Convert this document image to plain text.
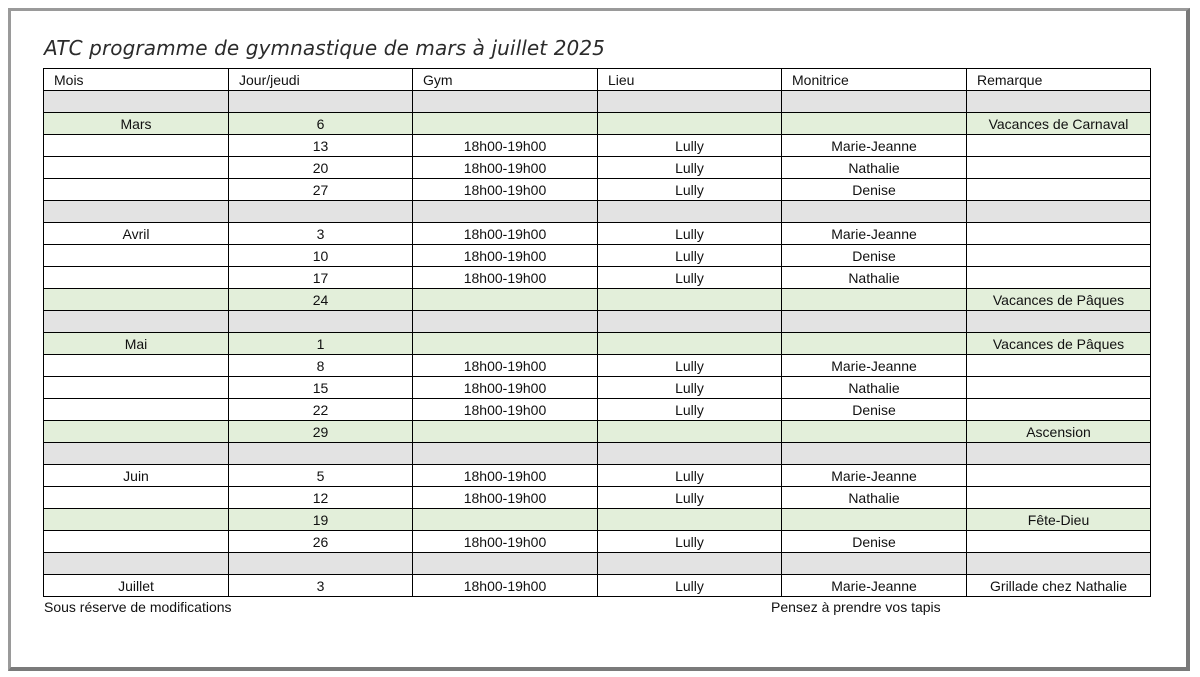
ATC programme de gymnastique de mars à juillet 2025
Mois	Jour/jeudi	Gym	Lieu	Monitrice	Remarque

Mars	6				Vacances de Carnaval
	13	18h00-19h00	Lully	Marie-Jeanne	
	20	18h00-19h00	Lully	Nathalie	
	27	18h00-19h00	Lully	Denise	

Avril	3	18h00-19h00	Lully	Marie-Jeanne	
	10	18h00-19h00	Lully	Denise	
	17	18h00-19h00	Lully	Nathalie	
	24				Vacances de Pâques

Mai	1				Vacances de Pâques
	8	18h00-19h00	Lully	Marie-Jeanne	
	15	18h00-19h00	Lully	Nathalie	
	22	18h00-19h00	Lully	Denise	
	29				Ascension

Juin	5	18h00-19h00	Lully	Marie-Jeanne	
	12	18h00-19h00	Lully	Nathalie	
	19				Fête-Dieu
	26	18h00-19h00	Lully	Denise	

Juillet	3	18h00-19h00	Lully	Marie-Jeanne	Grillade chez Nathalie
Sous réserve de modifications	Pensez à prendre vos tapis
